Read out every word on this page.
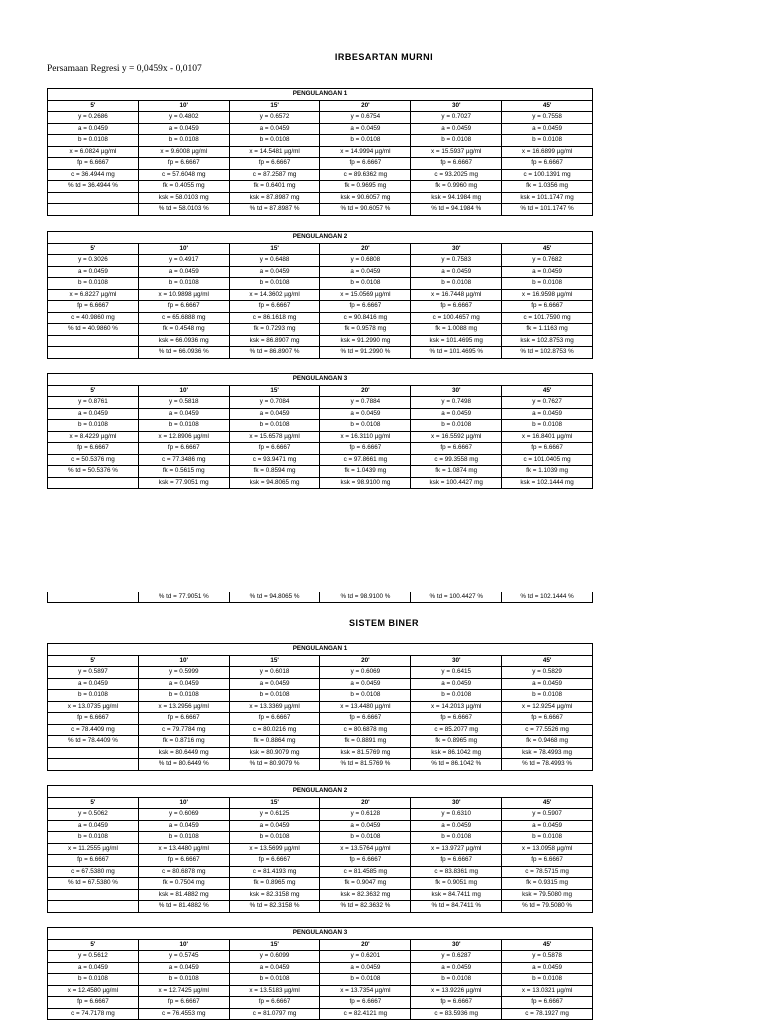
IRBESARTAN MURNI
Persamaan Regresi y = 0,0459x - 0,0107
PENGULANGAN 1					
5'	10'	15'	20'	30'	45'
y = 0.2686	y = 0.4802	y = 0.6572	y = 0.6754	y = 0.7027	y = 0.7558
a = 0.0459	a = 0.0459	a = 0.0459	a = 0.0459	a = 0.0459	a = 0.0459
b = 0.0108	b = 0.0108	b = 0.0108	b = 0.0108	b = 0.0108	b = 0.0108
x = 6.0824 µg/ml	x = 9.6008 µg/ml	x = 14.5481 µg/ml	x = 14.9994 µg/ml	x = 15.5937 µg/ml	x = 16.6899 µg/ml
fp = 6.6667	fp = 6.6667	fp = 6.6667	fp = 6.6667	fp = 6.6667	fp = 6.6667
c = 36.4944 mg	c = 57.6048 mg	c = 87.2587 mg	c = 89.6362 mg	c = 93.2025 mg	c = 100.1391 mg
% td = 36.4944 %	fk = 0.4055 mg	fk = 0.6401 mg	fk = 0.9695 mg	fk = 0.9960 mg	fk = 1.0356 mg
	ksk = 58.0103 mg	ksk = 87.8987 mg	ksk = 90.6057 mg	ksk = 94.1984 mg	ksk = 101.1747 mg
	% td = 58.0103 %	% td = 87.8987 %	% td = 90.6057 %	% td = 94.1984 %	% td = 101.1747 %
PENGULANGAN 2					
5'	10'	15'	20'	30'	45'
y = 0.3026	y = 0.4917	y = 0.6488	y = 0.6808	y = 0.7583	y = 0.7682
a = 0.0459	a = 0.0459	a = 0.0459	a = 0.0459	a = 0.0459	a = 0.0459
b = 0.0108	b = 0.0108	b = 0.0108	b = 0.0108	b = 0.0108	b = 0.0108
x = 6.8227 µg/ml	x = 10.9898 µg/ml	x = 14.3602 µg/ml	x = 15.0569 µg/ml	x = 16.7448 µg/ml	x = 16.9598 µg/ml
fp = 6.6667	fp = 6.6667	fp = 6.6667	fp = 6.6667	fp = 6.6667	fp = 6.6667
c = 40.9860 mg	c = 65.6888 mg	c = 86.1618 mg	c = 90.8416 mg	c = 100.4657 mg	c = 101.7590 mg
% td = 40.9860 %	fk = 0.4548 mg	fk = 0.7293 mg	fk = 0.9578 mg	fk = 1.0088 mg	fk = 1.1163 mg
	ksk = 66.0936 mg	ksk = 86.8907 mg	ksk = 91.2990 mg	ksk = 101.4695 mg	ksk = 102.8753 mg
	% td = 66.0936 %	% td = 86.8907 %	% td = 91.2990 %	% td = 101.4695 %	% td = 102.8753 %
PENGULANGAN 3					
5'	10'	15'	20'	30'	45'
y = 0.8761	y = 0.5818	y = 0.7084	y = 0.7884	y = 0.7498	y = 0.7627
a = 0.0459	a = 0.0459	a = 0.0459	a = 0.0459	a = 0.0459	a = 0.0459
b = 0.0108	b = 0.0108	b = 0.0108	b = 0.0108	b = 0.0108	b = 0.0108
x = 8.4229 µg/ml	x = 12.8906 µg/ml	x = 15.6578 µg/ml	x = 16.3110 µg/ml	x = 16.5592 µg/ml	x = 16.8401 µg/ml
fp = 6.6667	fp = 6.6667	fp = 6.6667	fp = 6.6667	fp = 6.6667	fp = 6.6667
c = 50.5376 mg	c = 77.3486 mg	c = 93.9471 mg	c = 97.8661 mg	c = 99.3558 mg	c = 101.0405 mg
% td = 50.5376 %	fk = 0.5615 mg	fk = 0.8594 mg	fk = 1.0439 mg	fk = 1.0874 mg	fk = 1.1039 mg
	ksk = 77.9051 mg	ksk = 94.8065 mg	ksk = 98.9100 mg	ksk = 100.4427 mg	ksk = 102.1444 mg
	% td = 77.9051 %	% td = 94.8065 %	% td = 98.9100 %	% td = 100.4427 %	% td = 102.1444 %
SISTEM BINER
PENGULANGAN 1					
5'	10'	15'	20'	30'	45'
y = 0.5897	y = 0.5999	y = 0.6018	y = 0.6069	y = 0.6415	y = 0.5829
a = 0.0459	a = 0.0459	a = 0.0459	a = 0.0459	a = 0.0459	a = 0.0459
b = 0.0108	b = 0.0108	b = 0.0108	b = 0.0108	b = 0.0108	b = 0.0108
x = 13.0735 µg/ml	x = 13.2956 µg/ml	x = 13.3369 µg/ml	x = 13.4480 µg/ml	x = 14.2013 µg/ml	x = 12.9254 µg/ml
fp = 6.6667	fp = 6.6667	fp = 6.6667	fp = 6.6667	fp = 6.6667	fp = 6.6667
c = 78.4409 mg	c = 79.7784 mg	c = 80.0216 mg	c = 80.6878 mg	c = 85.2077 mg	c = 77.5526 mg
% td = 78.4409 %	fk = 0.8716 mg	fk = 0.8864 mg	fk = 0.8891 mg	fk = 0.8965 mg	fk = 0.9468 mg
	ksk = 80.6449 mg	ksk = 80.9079 mg	ksk = 81.5769 mg	ksk = 86.1042 mg	ksk = 78.4993 mg
	% td = 80.6449 %	% td = 80.9079 %	% td = 81.5769 %	% td = 86.1042 %	% td = 78.4993 %
PENGULANGAN 2					
5'	10'	15'	20'	30'	45'
y = 0.5062	y = 0.6069	y = 0.6125	y = 0.6128	y = 0.6310	y = 0.5907
a = 0.0459	a = 0.0459	a = 0.0459	a = 0.0459	a = 0.0459	a = 0.0459
b = 0.0108	b = 0.0108	b = 0.0108	b = 0.0108	b = 0.0108	b = 0.0108
x = 11.2555 µg/ml	x = 13.4480 µg/ml	x = 13.5699 µg/ml	x = 13.5764 µg/ml	x = 13.9727 µg/ml	x = 13.0958 µg/ml
fp = 6.6667	fp = 6.6667	fp = 6.6667	fp = 6.6667	fp = 6.6667	fp = 6.6667
c = 67.5380 mg	c = 80.6878 mg	c = 81.4193 mg	c = 81.4585 mg	c = 83.8361 mg	c = 78.5715 mg
% td = 67.5380 %	fk = 0.7504 mg	fk = 0.8965 mg	fk = 0.9047 mg	fk = 0.9051 mg	fk = 0.9315 mg
	ksk = 81.4882 mg	ksk = 82.3158 mg	ksk = 82.3632 mg	ksk = 84.7411 mg	ksk = 79.5080 mg
	% td = 81.4882 %	% td = 82.3158 %	% td = 82.3632 %	% td = 84.7411 %	% td = 79.5080 %
PENGULANGAN 3					
5'	10'	15'	20'	30'	45'
y = 0.5612	y = 0.5745	y = 0.6099	y = 0.6201	y = 0.6287	y = 0.5878
a = 0.0459	a = 0.0459	a = 0.0459	a = 0.0459	a = 0.0459	a = 0.0459
b = 0.0108	b = 0.0108	b = 0.0108	b = 0.0108	b = 0.0108	b = 0.0108
x = 12.4580 µg/ml	x = 12.7425 µg/ml	x = 13.5183 µg/ml	x = 13.7354 µg/ml	x = 13.9226 µg/ml	x = 13.0321 µg/ml
fp = 6.6667	fp = 6.6667	fp = 6.6667	fp = 6.6667	fp = 6.6667	fp = 6.6667
c = 74.7178 mg	c = 76.4553 mg	c = 81.0797 mg	c = 82.4121 mg	c = 83.5936 mg	c = 78.1927 mg
